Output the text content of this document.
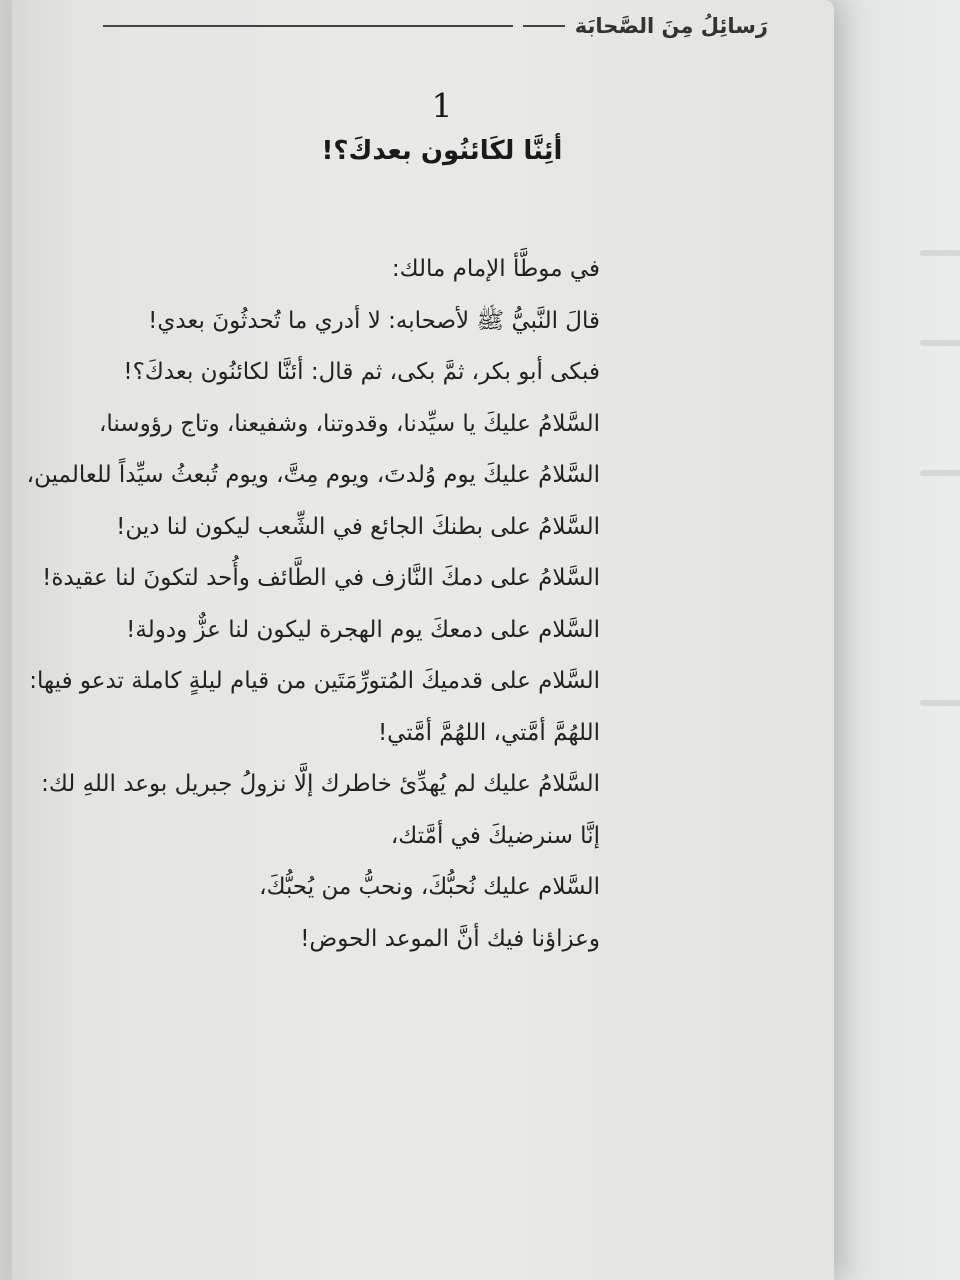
رَسائِلُ مِنَ الصَّحابَة
1
أئِنَّا لكَائنُون بعدكَ؟!
في موطَّأ الإمام مالك:
قالَ النَّبيُّ ﷺ لأصحابه: لا أدري ما تُحدثُونَ بعدي!
فبكى أبو بكر، ثمَّ بكى، ثم قال: أئنَّا لكائنُون بعدكَ؟!
السَّلامُ عليكَ يا سيِّدنا، وقدوتنا، وشفيعنا، وتاج رؤوسنا،
السَّلامُ عليكَ يوم وُلدتَ، ويوم مِتَّ، ويوم تُبعثُ سيِّداً للعالمين،
السَّلامُ على بطنكَ الجائع في الشِّعب ليكون لنا دين!
السَّلامُ على دمكَ النَّازف في الطَّائف وأُحد لتكونَ لنا عقيدة!
السَّلام على دمعكَ يوم الهجرة ليكون لنا عزٌّ ودولة!
السَّلام على قدميكَ المُتورِّمَتَين من قيام ليلةٍ كاملة تدعو فيها:
اللهُمَّ أمَّتي، اللهُمَّ أمَّتي!
السَّلامُ عليك لم يُهدِّئ خاطرك إلَّا نزولُ جبريل بوعد اللهِ لك:
إنَّا سنرضيكَ في أمَّتك،
السَّلام عليك نُحبُّكَ، ونحبُّ من يُحبُّكَ،
وعزاؤنا فيك أنَّ الموعد الحوض!
